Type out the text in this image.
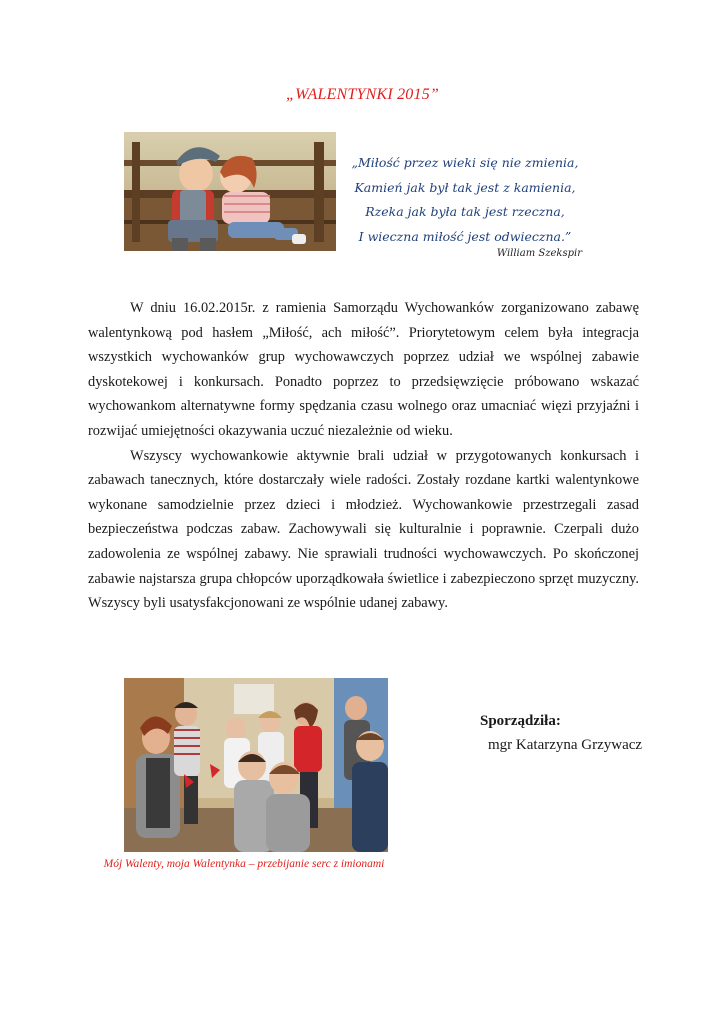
„WALENTYNKI 2015”
„Miłość przez wieki się nie zmienia,
Kamień jak był tak jest z kamienia,
Rzeka jak była tak jest rzeczna,
I wieczna miłość jest odwieczna.”
William Szekspir

W dniu 16.02.2015r. z ramienia Samorządu Wychowanków zorganizowano zabawę walentynkową pod hasłem „Miłość, ach miłość”. Priorytetowym celem była integracja wszystkich wychowanków grup wychowawczych poprzez udział we wspólnej zabawie dyskotekowej i konkursach. Ponadto poprzez to przedsięwzięcie próbowano wskazać wychowankom alternatywne formy spędzania czasu wolnego oraz umacniać więzi przyjaźni i rozwijać umiejętności okazywania uczuć niezależnie od wieku.

Wszyscy wychowankowie aktywnie brali udział w przygotowanych konkursach i zabawach tanecznych, które dostarczały wiele radości. Zostały rozdane kartki walentynkowe wykonane samodzielnie przez dzieci i młodzież. Wychowankowie przestrzegali zasad bezpieczeństwa podczas zabaw. Zachowywali się kulturalnie i poprawnie. Czerpali dużo zadowolenia ze wspólnej zabawy. Nie sprawiali trudności wychowawczych. Po skończonej zabawie najstarsza grupa chłopców uporządkowała świetlice i zabezpieczono sprzęt muzyczny. Wszyscy byli usatysfakcjonowani ze wspólnie udanej zabawy.

Mój Walenty, moja Walentynka – przebijanie serc z imionami
Sporządziła:
mgr Katarzyna Grzywacz
